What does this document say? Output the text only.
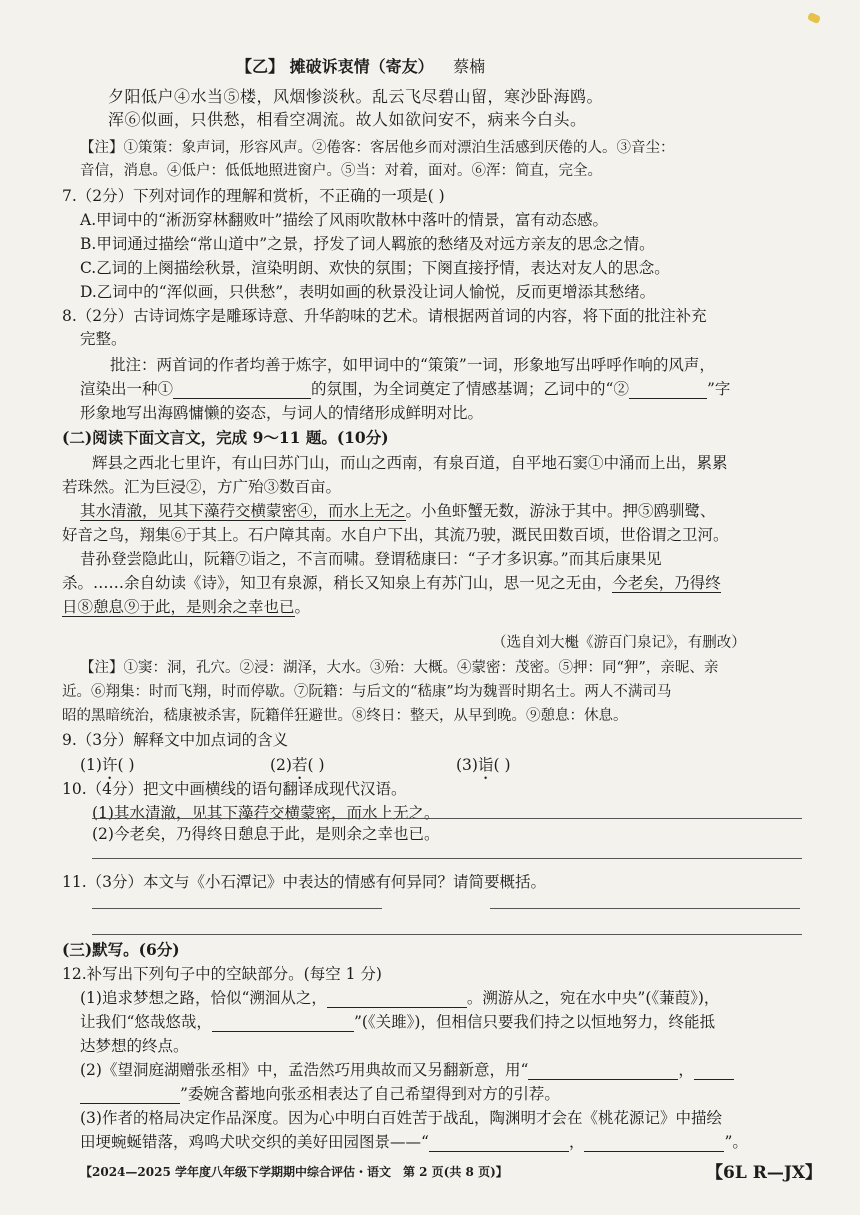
【乙】 摊破诉衷情（寄友） 蔡楠
夕阳低户④水当⑤楼，风烟惨淡秋。乱云飞尽碧山留，寒沙卧海鸥。
浑⑥似画，只供愁，相看空凋流。故人如欲问安不，病来今白头。
【注】①策策：象声词，形容风声。②倦客：客居他乡而对漂泊生活感到厌倦的人。③音尘：
音信，消息。④低户：低低地照进窗户。⑤当：对着，面对。⑥浑：简直，完全。
7.（2分）下列对词作的理解和赏析，不正确的一项是( )
A.甲词中的“淅沥穿林翻败叶”描绘了风雨吹散林中落叶的情景，富有动态感。
B.甲词通过描绘“常山道中”之景，抒发了词人羁旅的愁绪及对远方亲友的思念之情。
C.乙词的上阕描绘秋景，渲染明朗、欢快的氛围；下阕直接抒情，表达对友人的思念。
D.乙词中的“浑似画，只供愁”，表明如画的秋景没让词人愉悦，反而更增添其愁绪。
8.（2分）古诗词炼字是雕琢诗意、升华韵味的艺术。请根据两首词的内容，将下面的批注补充
完整。
批注：两首词的作者均善于炼字，如甲词中的“策策”一词，形象地写出呼呼作响的风声，
渲染出一种①	的氛围，为全词奠定了情感基调；乙词中的“②	”字
形象地写出海鸥慵懒的姿态，与词人的情绪形成鲜明对比。
(二)阅读下面文言文，完成 9～11 题。(10分)
辉县之西北七里许，有山曰苏门山，而山之西南，有泉百道，自平地石窦①中涌而上出，累累
若珠然。汇为巨浸②，方广殆③数百亩。
其水清澈，见其下藻荇交横蒙密④，而水上无之。小鱼虾蟹无数，游泳于其中。押⑤鸥驯鹭、
好音之鸟，翔集⑥于其上。石户障其南。水自户下出，其流乃驶，溉民田数百顷，世俗谓之卫河。
昔孙登尝隐此山，阮籍⑦诣之，不言而啸。登谓嵇康曰：“子才多识寡。”而其后康果见
杀。……余自幼读《诗》，知卫有泉源，稍长又知泉上有苏门山，思一见之无由，今老矣，乃得终
日⑧憩息⑨于此，是则余之幸也已。
（选自刘大櫆《游百门泉记》，有删改）
【注】①窦：洞，孔穴。②浸：湖泽，大水。③殆：大概。④蒙密：茂密。⑤押：同“狎”，亲昵、亲
近。⑥翔集：时而飞翔，时而停歇。⑦阮籍：与后文的“嵇康”均为魏晋时期名士。两人不满司马
昭的黑暗统治，嵇康被杀害，阮籍佯狂避世。⑧终日：整天，从早到晚。⑨憩息：休息。
9.（3分）解释文中加点词的含义
(1)许( )	(2)若( )	(3)诣( )
10.（4分）把文中画横线的语句翻译成现代汉语。
(1)其水清澈，见其下藻荇交横蒙密，而水上无之。
(2)今老矣，乃得终日憩息于此，是则余之幸也已。
11.（3分）本文与《小石潭记》中表达的情感有何异同？请简要概括。
(三)默写。(6分)
12.补写出下列句子中的空缺部分。(每空 1 分)
(1)追求梦想之路，恰似“溯洄从之，	。溯游从之，宛在水中央”(《蒹葭》)，
让我们“悠哉悠哉，	”(《关雎》)，但相信只要我们持之以恒地努力，终能抵
达梦想的终点。
(2)《望洞庭湖赠张丞相》中，孟浩然巧用典故而又另翻新意，用“	，
”委婉含蓄地向张丞相表达了自己希望得到对方的引荐。
(3)作者的格局决定作品深度。因为心中明白百姓苦于战乱，陶渊明才会在《桃花源记》中描绘
田埂蜿蜒错落，鸡鸣犬吠交织的美好田园图景——“	，	”。
【2024—2025 学年度八年级下学期期中综合评估・语文　第 2 页(共 8 页)】	【6L R—JX】
